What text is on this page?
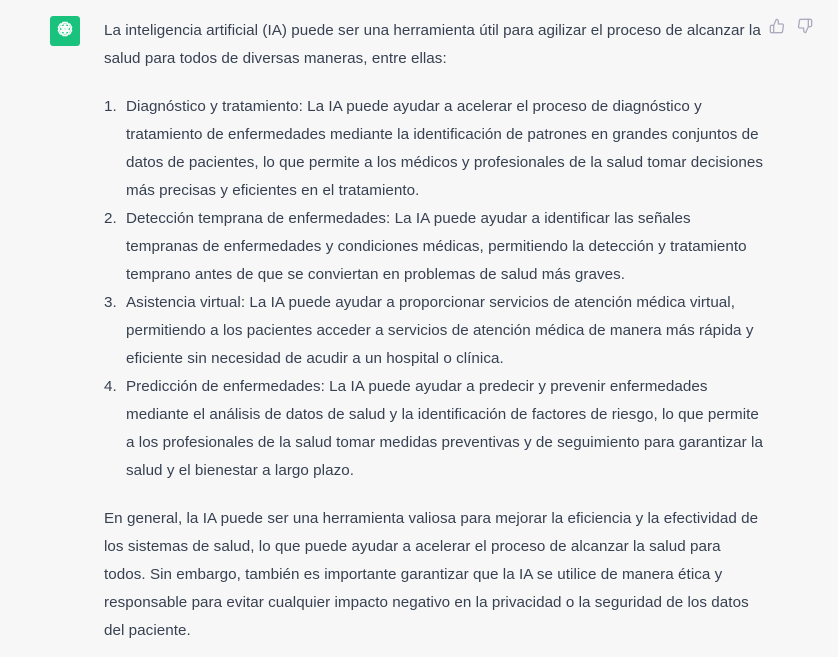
La inteligencia artificial (IA) puede ser una herramienta útil para agilizar el proceso de alcanzar la salud para todos de diversas maneras, entre ellas:

1. Diagnóstico y tratamiento: La IA puede ayudar a acelerar el proceso de diagnóstico y tratamiento de enfermedades mediante la identificación de patrones en grandes conjuntos de datos de pacientes, lo que permite a los médicos y profesionales de la salud tomar decisiones más precisas y eficientes en el tratamiento.
2. Detección temprana de enfermedades: La IA puede ayudar a identificar las señales tempranas de enfermedades y condiciones médicas, permitiendo la detección y tratamiento temprano antes de que se conviertan en problemas de salud más graves.
3. Asistencia virtual: La IA puede ayudar a proporcionar servicios de atención médica virtual, permitiendo a los pacientes acceder a servicios de atención médica de manera más rápida y eficiente sin necesidad de acudir a un hospital o clínica.
4. Predicción de enfermedades: La IA puede ayudar a predecir y prevenir enfermedades mediante el análisis de datos de salud y la identificación de factores de riesgo, lo que permite a los profesionales de la salud tomar medidas preventivas y de seguimiento para garantizar la salud y el bienestar a largo plazo.

En general, la IA puede ser una herramienta valiosa para mejorar la eficiencia y la efectividad de los sistemas de salud, lo que puede ayudar a acelerar el proceso de alcanzar la salud para todos. Sin embargo, también es importante garantizar que la IA se utilice de manera ética y responsable para evitar cualquier impacto negativo en la privacidad o la seguridad de los datos del paciente.
